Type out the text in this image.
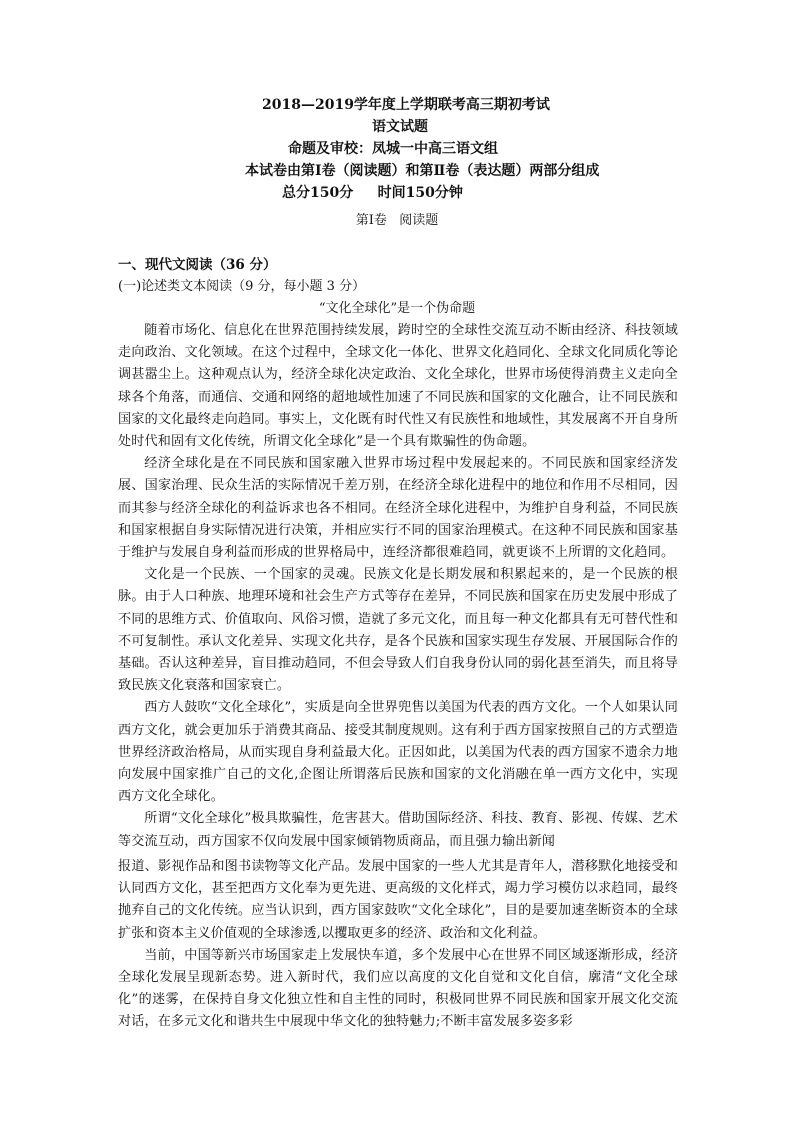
2018—2019学年度上学期联考高三期初考试
语文试题
命题及审校：凤城一中高三语文组
本试卷由第Ⅰ卷（阅读题）和第Ⅱ卷（表达题）两部分组成
总分150分     时间150分钟
第Ⅰ卷   阅读题
一、现代文阅读（36 分）
(一)论述类文本阅读（9 分，每小题 3 分）
“文化全球化”是一个伪命题

随着市场化、信息化在世界范围持续发展，跨时空的全球性交流互动不断由经济、科技领域走向政治、文化领域。在这个过程中，全球文化一体化、世界文化趋同化、全球文化同质化等论调甚嚣尘上。这种观点认为，经济全球化决定政治、文化全球化，世界市场使得消费主义走向全球各个角落，而通信、交通和网络的超地域性加速了不同民族和国家的文化融合，让不同民族和国家的文化最终走向趋同。事实上，文化既有时代性又有民族性和地域性，其发展离不开自身所处时代和固有文化传统，所谓文化全球化”是一个具有欺骗性的伪命题。

经济全球化是在不同民族和国家融入世界市场过程中发展起来的。不同民族和国家经济发展、国家治理、民众生活的实际情况千差万别，在经济全球化进程中的地位和作用不尽相同，因而其参与经济全球化的利益诉求也各不相同。在经济全球化进程中，为维护自身利益，不同民族和国家根据自身实际情况进行决策，并相应实行不同的国家治理模式。在这种不同民族和国家基于维护与发展自身利益而形成的世界格局中，连经济都很难趋同，就更谈不上所谓的文化趋同。

文化是一个民族、一个国家的灵魂。民族文化是长期发展和积累起来的，是一个民族的根脉。由于人口种族、地理环境和社会生产方式等存在差异，不同民族和国家在历史发展中形成了不同的思维方式、价值取向、风俗习惯，造就了多元文化，而且每一种文化都具有无可替代性和不可复制性。承认文化差异、实现文化共存，是各个民族和国家实现生存发展、开展国际合作的基础。否认这种差异，盲目推动趋同，不但会导致人们自我身份认同的弱化甚至消失，而且将导致民族文化衰落和国家衰亡。

西方人鼓吹“文化全球化”，实质是向全世界兜售以美国为代表的西方文化。一个人如果认同西方文化，就会更加乐于消费其商品、接受其制度规则。这有利于西方国家按照自己的方式塑造世界经济政治格局，从而实现自身利益最大化。正因如此，以美国为代表的西方国家不遗余力地向发展中国家推广自己的文化,企图让所谓落后民族和国家的文化消融在单一西方文化中，实现西方文化全球化。

所谓“文化全球化”极具欺骗性，危害甚大。借助国际经济、科技、教育、影视、传媒、艺术等交流互动，西方国家不仅向发展中国家倾销物质商品，而且强力输出新闻

报道、影视作品和图书读物等文化产品。发展中国家的一些人尤其是青年人，潜移默化地接受和认同西方文化，甚至把西方文化奉为更先进、更高级的文化样式，竭力学习模仿以求趋同，最终抛弃自己的文化传统。应当认识到，西方国家鼓吹“文化全球化”，目的是要加速垄断资本的全球扩张和资本主义价值观的全球渗透,以攫取更多的经济、政治和文化利益。

当前，中国等新兴市场国家走上发展快车道，多个发展中心在世界不同区域逐渐形成，经济全球化发展呈现新态势。进入新时代，我们应以高度的文化自觉和文化自信，廓清“文化全球化”的迷雾，在保持自身文化独立性和自主性的同时，积极同世界不同民族和国家开展文化交流对话，在多元文化和谐共生中展现中华文化的独特魅力;不断丰富发展多姿多彩
